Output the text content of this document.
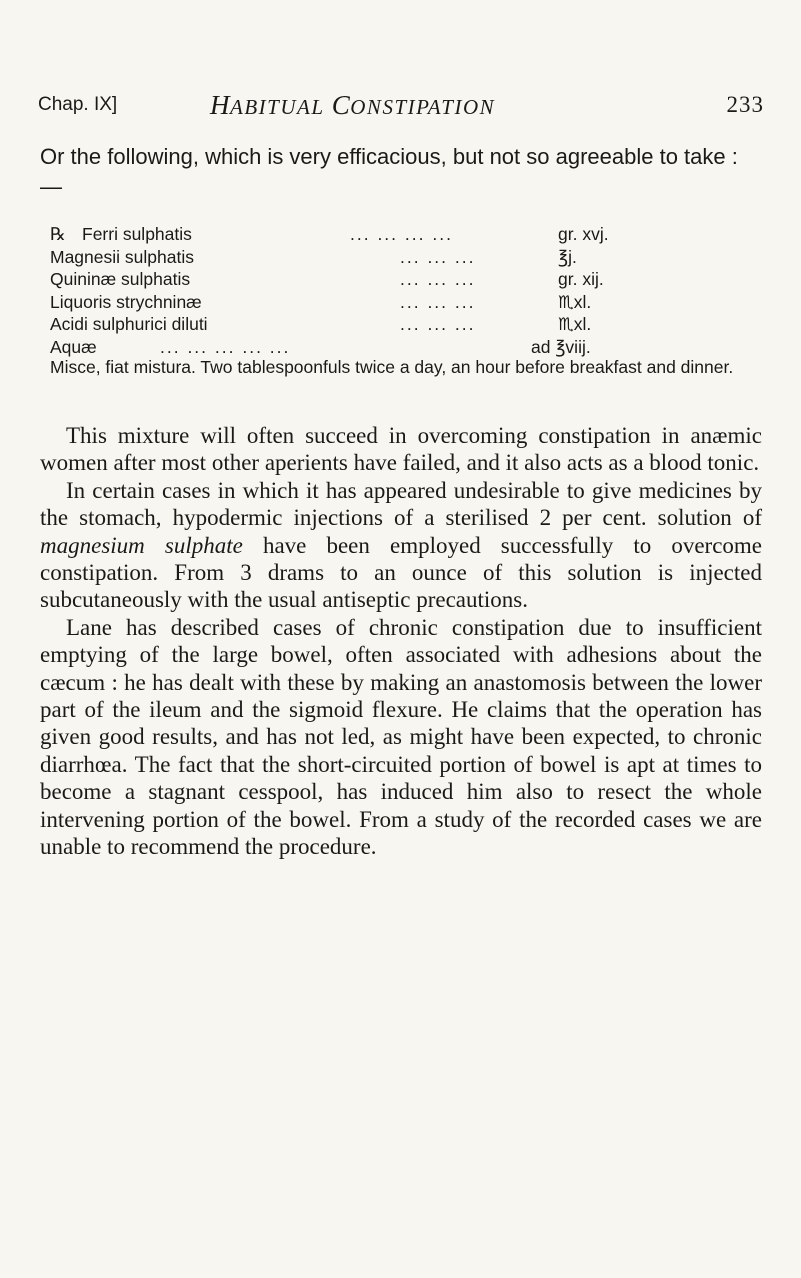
Chap. IX]	HABITUAL CONSTIPATION	233

Or the following, which is very efficacious, but not so agreeable to take : —

℞ Ferri sulphatis	... ... ... ...	gr. xvj.
Magnesii sulphatis	... ... ...	℥j.
Quininæ sulphatis	... ... ...	gr. xij.
Liquoris strychninæ	... ... ...	♏xl.
Acidi sulphurici diluti	... ... ...	♏xl.
Aquæ	... ... ... ... ...	ad ℥viij.

Misce, fiat mistura. Two tablespoonfuls twice a day, an hour before breakfast and dinner.

This mixture will often succeed in overcoming constipation in anæmic women after most other aperients have failed, and it also acts as a blood tonic.

In certain cases in which it has appeared undesirable to give medicines by the stomach, hypodermic injections of a sterilised 2 per cent. solution of magnesium sulphate have been employed successfully to overcome constipation. From 3 drams to an ounce of this solution is injected subcutaneously with the usual antiseptic precautions.

Lane has described cases of chronic constipation due to insufficient emptying of the large bowel, often associated with adhesions about the cæcum : he has dealt with these by making an anastomosis between the lower part of the ileum and the sigmoid flexure. He claims that the operation has given good results, and has not led, as might have been expected, to chronic diarrhœa. The fact that the short-circuited portion of bowel is apt at times to become a stagnant cesspool, has induced him also to resect the whole intervening portion of the bowel. From a study of the recorded cases we are unable to recommend the procedure.
